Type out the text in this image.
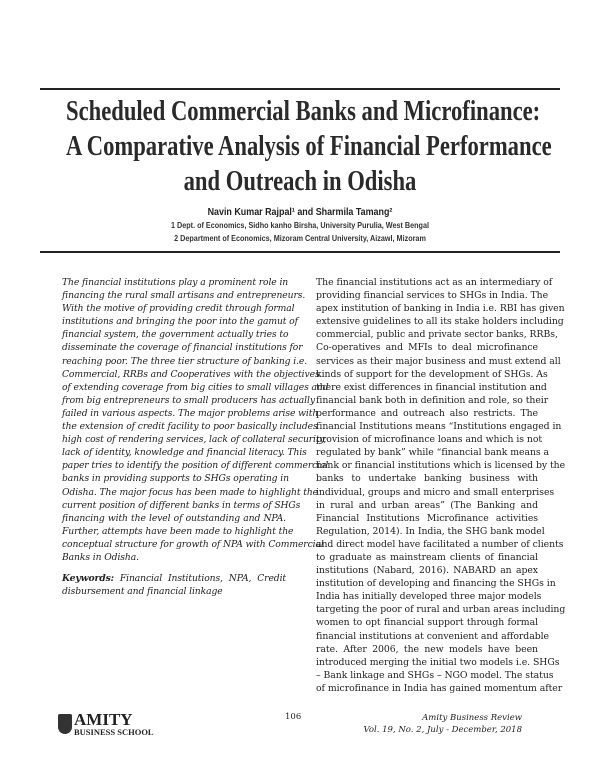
Scheduled Commercial Banks and Microfinance:
A Comparative Analysis of Financial Performance
and Outreach in Odisha
Navin Kumar Rajpal¹ and Sharmila Tamang²
1 Dept. of Economics, Sidho kanho Birsha, University Purulia, West Bengal
2 Department of Economics, Mizoram Central University, Aizawl, Mizoram
The financial institutions play a prominent role in
financing the rural small artisans and entrepreneurs.
With the motive of providing credit through formal
institutions and bringing the poor into the gamut of
financial system, the government actually tries to
disseminate the coverage of financial institutions for
reaching poor. The three tier structure of banking i.e.
Commercial, RRBs and Cooperatives with the objectives
of extending coverage from big cities to small villages and
from big entrepreneurs to small producers has actually
failed in various aspects. The major problems arise with
the extension of credit facility to poor basically includes
high cost of rendering services, lack of collateral security,
lack of identity, knowledge and financial literacy. This
paper tries to identify the position of different commercial
banks in providing supports to SHGs operating in
Odisha. The major focus has been made to highlight the
current position of different banks in terms of SHGs
financing with the level of outstanding and NPA.
Further, attempts have been made to highlight the
conceptual structure for growth of NPA with Commercial
Banks in Odisha.
Keywords: Financial Institutions, NPA, Credit
disbursement and financial linkage
The financial institutions act as an intermediary of
providing financial services to SHGs in India. The
apex institution of banking in India i.e. RBI has given
extensive guidelines to all its stake holders including
commercial, public and private sector banks, RRBs,
Co-operatives and MFIs to deal microfinance
services as their major business and must extend all
kinds of support for the development of SHGs. As
there exist differences in financial institution and
financial bank both in definition and role, so their
performance and outreach also restricts. The
financial Institutions means “Institutions engaged in
provision of microfinance loans and which is not
regulated by bank” while “financial bank means a
bank or financial institutions which is licensed by the
banks to undertake banking business with
individual, groups and micro and small enterprises
in rural and urban areas” (The Banking and
Financial Institutions Microfinance activities
Regulation, 2014). In India, the SHG bank model
and direct model have facilitated a number of clients
to graduate as mainstream clients of financial
institutions (Nabard, 2016). NABARD an apex
institution of developing and financing the SHGs in
India has initially developed three major models
targeting the poor of rural and urban areas including
women to opt financial support through formal
financial institutions at convenient and affordable
rate. After 2006, the new models have been
introduced merging the initial two models i.e. SHGs
– Bank linkage and SHGs – NGO model. The status
of microfinance in India has gained momentum after
AMITY
BUSINESS SCHOOL
106	Amity Business Review
Vol. 19, No. 2, July - December, 2018
